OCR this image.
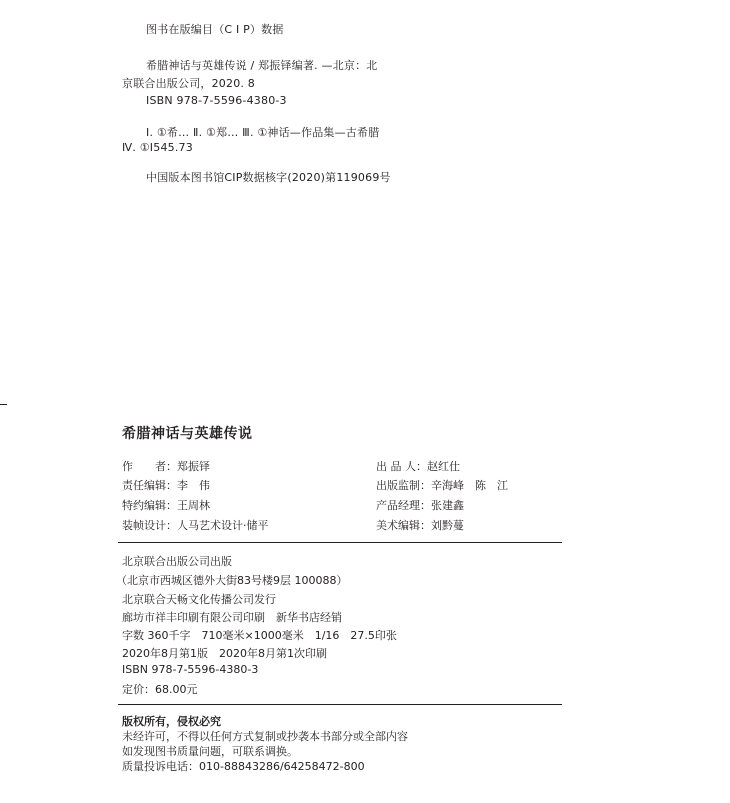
图书在版编目（C I P）数据
希腊神话与英雄传说 / 郑振铎编著. —北京：北
京联合出版公司，2020. 8
ISBN 978-7-5596-4380-3
Ⅰ. ①希… Ⅱ. ①郑… Ⅲ. ①神话—作品集—古希腊
Ⅳ. ①I545.73
中国版本图书馆CIP数据核字(2020)第119069号
希腊神话与英雄传说
作　　者：郑振铎
责任编辑：李　伟
特约编辑：王周林
装帧设计：人马艺术设计·储平
出 品 人：赵红仕
出版监制：辛海峰　陈　江
产品经理：张建鑫
美术编辑：刘黔蔓
北京联合出版公司出版
（北京市西城区德外大街83号楼9层 100088）
北京联合天畅文化传播公司发行
廊坊市祥丰印刷有限公司印刷　新华书店经销
字数 360千字　710毫米×1000毫米　1/16　27.5印张
2020年8月第1版　2020年8月第1次印刷
ISBN 978-7-5596-4380-3
定价：68.00元
版权所有，侵权必究
未经许可，不得以任何方式复制或抄袭本书部分或全部内容
如发现图书质量问题，可联系调换。
质量投诉电话：010-88843286/64258472-800
